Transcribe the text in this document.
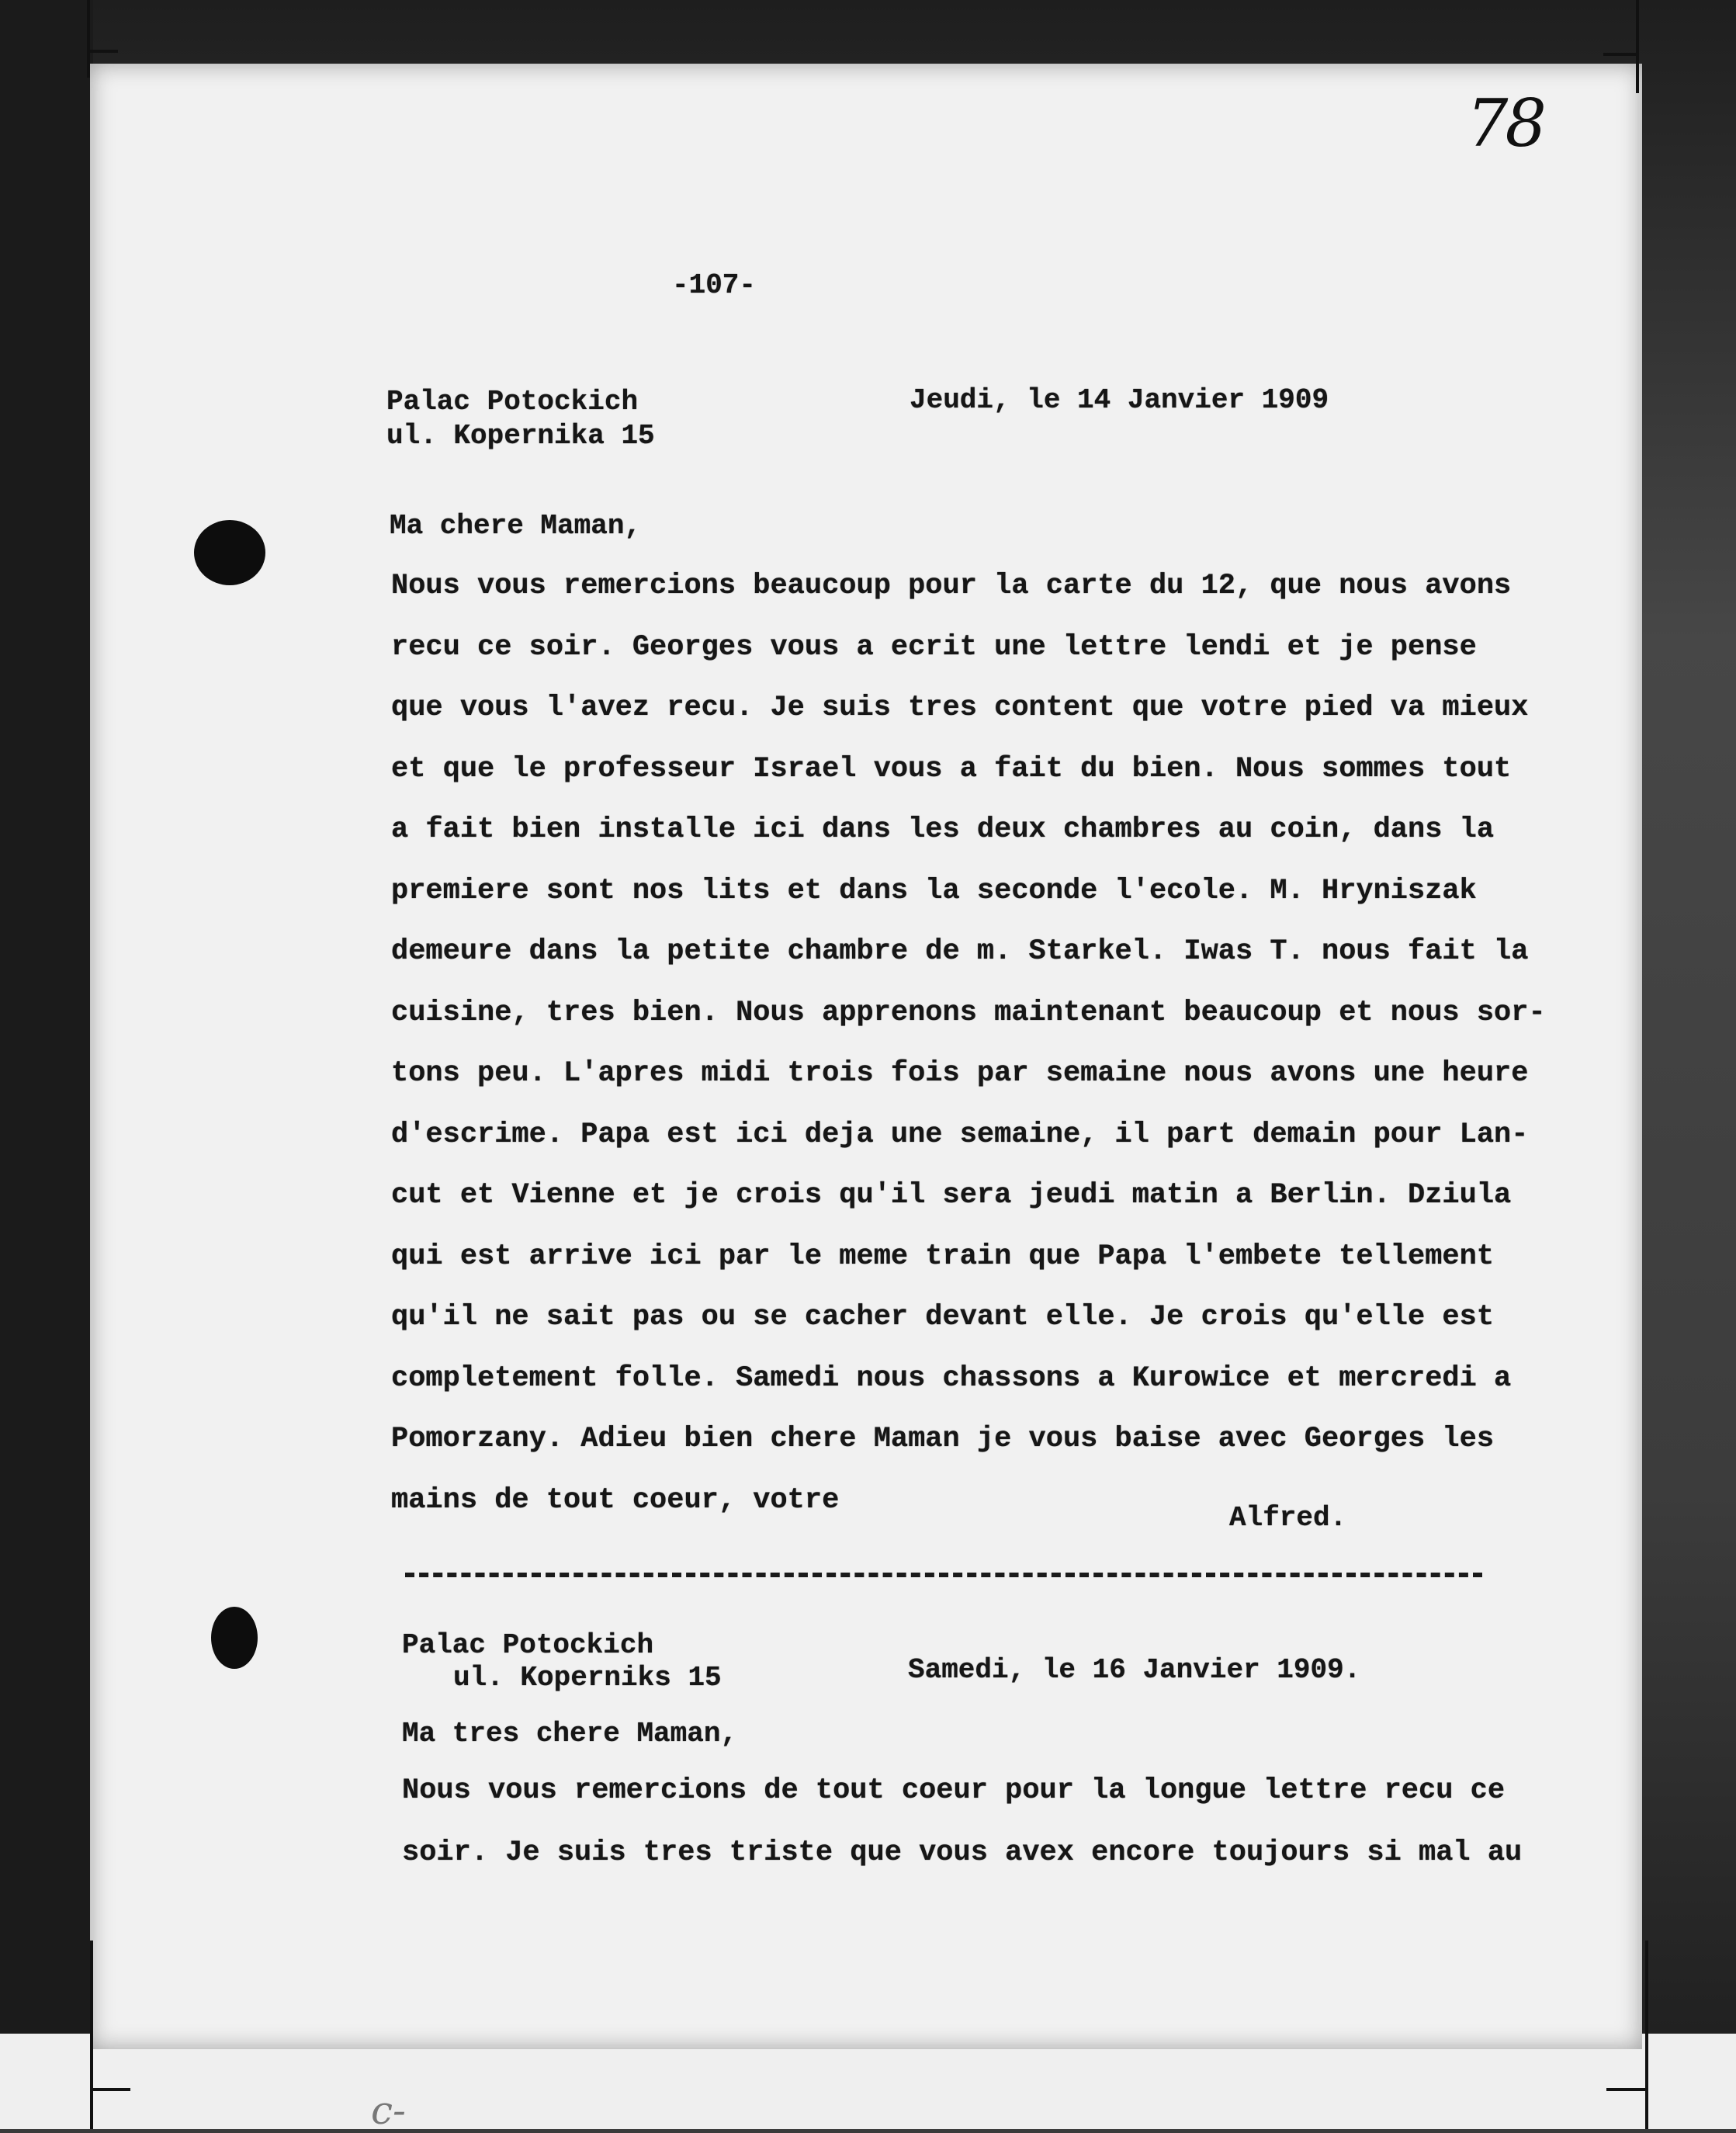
78
-107-
Palac Potockich
ul. Kopernika 15
Jeudi, le 14 Janvier 1909
Ma chere Maman,
Nous vous remercions beaucoup pour la carte du 12, que nous avons
recu ce soir. Georges vous a ecrit une lettre lendi et je pense
que vous l'avez recu. Je suis tres content que votre pied va mieux
et que le professeur Israel vous a fait du bien. Nous sommes tout
a fait bien installe ici dans les deux chambres au coin, dans la
premiere sont nos lits et dans la seconde l'ecole. M. Hryniszak
demeure dans la petite chambre de m. Starkel. Iwas T. nous fait la
cuisine, tres bien. Nous apprenons maintenant beaucoup et nous sor-
tons peu. L'apres midi trois fois par semaine nous avons une heure
d'escrime. Papa est ici deja une semaine, il part demain pour Lan-
cut et Vienne et je crois qu'il sera jeudi matin a Berlin. Dziula
qui est arrive ici par le meme train que Papa l'embete tellement
qu'il ne sait pas ou se cacher devant elle. Je crois qu'elle est
completement folle. Samedi nous chassons a Kurowice et mercredi a
Pomorzany. Adieu bien chere Maman je vous baise avec Georges les
mains de tout coeur, votre
Alfred.
Palac Potockich
ul. Koperniks 15	Samedi, le 16 Janvier 1909.
Ma tres chere Maman,
Nous vous remercions de tout coeur pour la longue lettre recu ce
soir. Je suis tres triste que vous avex encore toujours si mal au
c-
